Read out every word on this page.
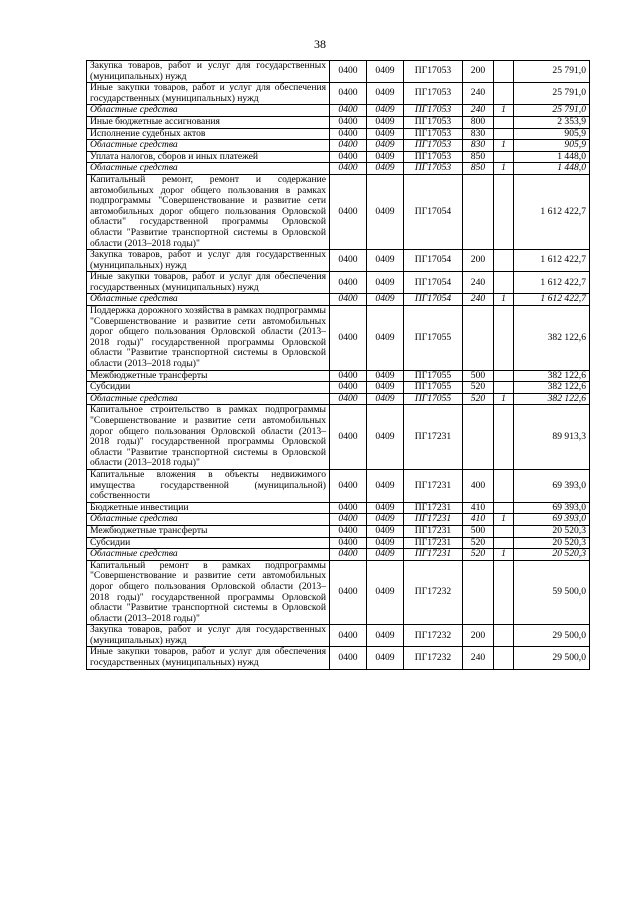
38
Закупка товаров, работ и услуг для государственных (муниципальных) нужд	0400	0409	ПГ17053	200		25 791,0
Иные закупки товаров, работ и услуг для обеспечения государственных (муниципальных) нужд	0400	0409	ПГ17053	240		25 791,0
Областные средства	0400	0409	ПГ17053	240	1	25 791,0
Иные бюджетные ассигнования	0400	0409	ПГ17053	800		2 353,9
Исполнение судебных актов	0400	0409	ПГ17053	830		905,9
Областные средства	0400	0409	ПГ17053	830	1	905,9
Уплата налогов, сборов и иных платежей	0400	0409	ПГ17053	850		1 448,0
Областные средства	0400	0409	ПГ17053	850	1	1 448,0
Капитальный ремонт, ремонт и содержание автомобильных дорог общего пользования в рамках подпрограммы "Совершенствование и развитие сети автомобильных дорог общего пользования Орловской области" государственной программы Орловской области "Развитие транспортной системы в Орловской области (2013–2018 годы)"	0400	0409	ПГ17054			1 612 422,7
Закупка товаров, работ и услуг для государственных (муниципальных) нужд	0400	0409	ПГ17054	200		1 612 422,7
Иные закупки товаров, работ и услуг для обеспечения государственных (муниципальных) нужд	0400	0409	ПГ17054	240		1 612 422,7
Областные средства	0400	0409	ПГ17054	240	1	1 612 422,7
Поддержка дорожного хозяйства в рамках подпрограммы "Совершенствование и развитие сети автомобильных дорог общего пользования Орловской области (2013–2018 годы)" государственной программы Орловской области "Развитие транспортной системы в Орловской области (2013–2018 годы)"	0400	0409	ПГ17055			382 122,6
Межбюджетные трансферты	0400	0409	ПГ17055	500		382 122,6
Субсидии	0400	0409	ПГ17055	520		382 122,6
Областные средства	0400	0409	ПГ17055	520	1	382 122,6
Капитальное строительство в рамках подпрограммы "Совершенствование и развитие сети автомобильных дорог общего пользования Орловской области (2013–2018 годы)" государственной программы Орловской области "Развитие транспортной системы в Орловской области (2013–2018 годы)"	0400	0409	ПГ17231			89 913,3
Капитальные вложения в объекты недвижимого имущества государственной (муниципальной) собственности	0400	0409	ПГ17231	400		69 393,0
Бюджетные инвестиции	0400	0409	ПГ17231	410		69 393,0
Областные средства	0400	0409	ПГ17231	410	1	69 393,0
Межбюджетные трансферты	0400	0409	ПГ17231	500		20 520,3
Субсидии	0400	0409	ПГ17231	520		20 520,3
Областные средства	0400	0409	ПГ17231	520	1	20 520,3
Капитальный ремонт в рамках подпрограммы "Совершенствование и развитие сети автомобильных дорог общего пользования Орловской области (2013–2018 годы)" государственной программы Орловской области "Развитие транспортной системы в Орловской области (2013–2018 годы)"	0400	0409	ПГ17232			59 500,0
Закупка товаров, работ и услуг для государственных (муниципальных) нужд	0400	0409	ПГ17232	200		29 500,0
Иные закупки товаров, работ и услуг для обеспечения государственных (муниципальных) нужд	0400	0409	ПГ17232	240		29 500,0
